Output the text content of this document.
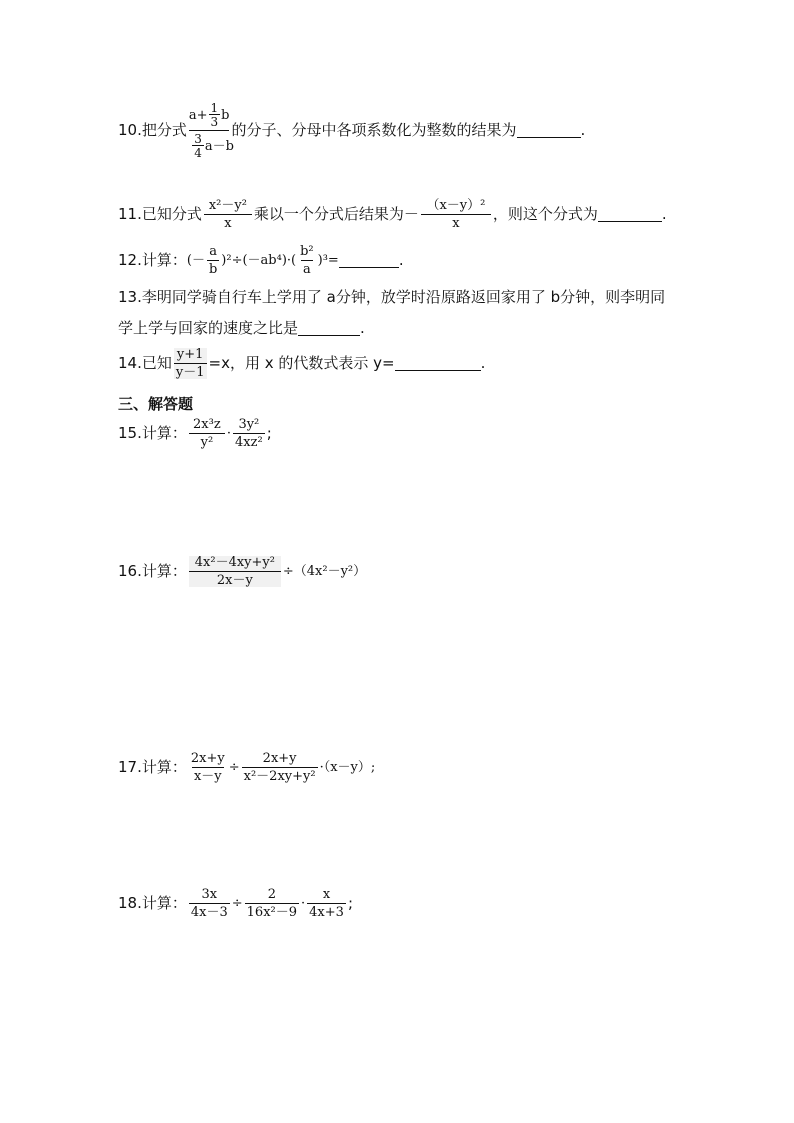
10. 把分式 $\frac{a+ \frac{1}{3} b}{\frac{3}{4} a-b}$ 的分子、分母中各项系数化为整数的结果为	.
11. 已知分式 $\frac{\text{x²－y²}}{x}$ 乘以一个分式后结果为－ $\frac{\text{（x－y）²}}{x}$ ，则这个分式为	.
12. 计算： (－ $\frac{a}{b} )^2\div(-ab^4)\cdot( \frac{\text{b²}}{a} )^3=$	.
13. 李明同学骑自行车上学用了 a分钟，放学时沿原路返回家用了 b分钟，则李明同
学上学与回家的速度之比是	.
14. 已知 $\frac{y+1}{y-1} =x$，用 x 的代数式表示 y=	.
三、解答题
15. 计算： $\frac{\text{2x³z}}{\text{y²}} \cdot \frac{\text{3y²}}{\text{4xz²}}$ ;
16. 计算： $\frac{\text{4x²－4xy+y²}}{2x-y} \div(4x^2-y^2)$
17. 计算： $\frac{2x+y}{x-y} \div \frac{2x+y}{\text{x²－2xy+y²}} \cdot(x-y)$;
18. 计算： $\frac{3x}{4x-3} \div \frac{2}{\text{16x²－9}} \cdot \frac{x}{4x+3}$ ;
